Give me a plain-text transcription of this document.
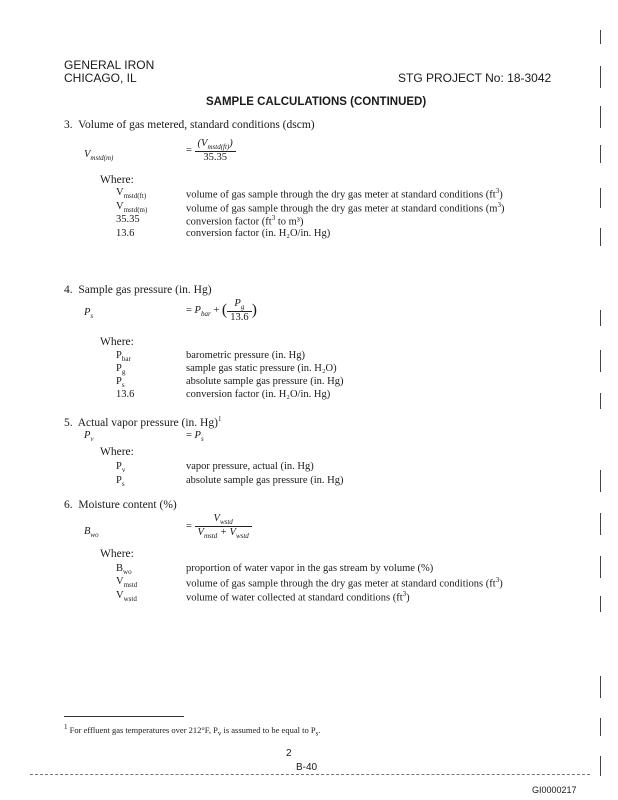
GENERAL IRON
CHICAGO, IL	STG PROJECT No: 18-3042
SAMPLE CALCULATIONS (CONTINUED)
3. Volume of gas metered, standard conditions (dscm)
$V_{mstd(m)}$
= $\frac{(V_{mstd(ft)})}{35.35}$
Where:
$V_{mstd(ft)}$	volume of gas sample through the dry gas meter at standard conditions $(ft^3)$
$V_{mstd(m)}$	volume of gas sample through the dry gas meter at standard conditions $(m^3)$
35.35	conversion factor ($ft^3$ to m³)
13.6	conversion factor (in. H₂O/in. Hg)
4. Sample gas pressure (in. Hg)
$P_s$
= $P_{bar}$ + ( $\frac{P_g}{13.6}$ )
Where:
$P_{bar}$	barometric pressure (in. Hg)
$P_g$	sample gas static pressure (in. H₂O)
$P_s$	absolute sample gas pressure (in. Hg)
13.6	conversion factor (in. H₂O/in. Hg)
5. Actual vapor pressure (in. Hg)$^1$
$P_v$	= $P_s$
Where:
$P_v$	vapor pressure, actual (in. Hg)
$P_s$	absolute sample gas pressure (in. Hg)
6. Moisture content (%)
$B_{wo}$
= $\frac{V_{wstd}}{V_{mstd} + V_{wstd}}$
Where:
$B_{wo}$	proportion of water vapor in the gas stream by volume (%)
$V_{mstd}$	volume of gas sample through the dry gas meter at standard conditions $(ft^3)$
$V_{wstd}$	volume of water collected at standard conditions $(ft^3)$
$^1$ For effluent gas temperatures over 212°F, $P_v$ is assumed to be equal to $P_s$.
2
B-40
GI0000217
